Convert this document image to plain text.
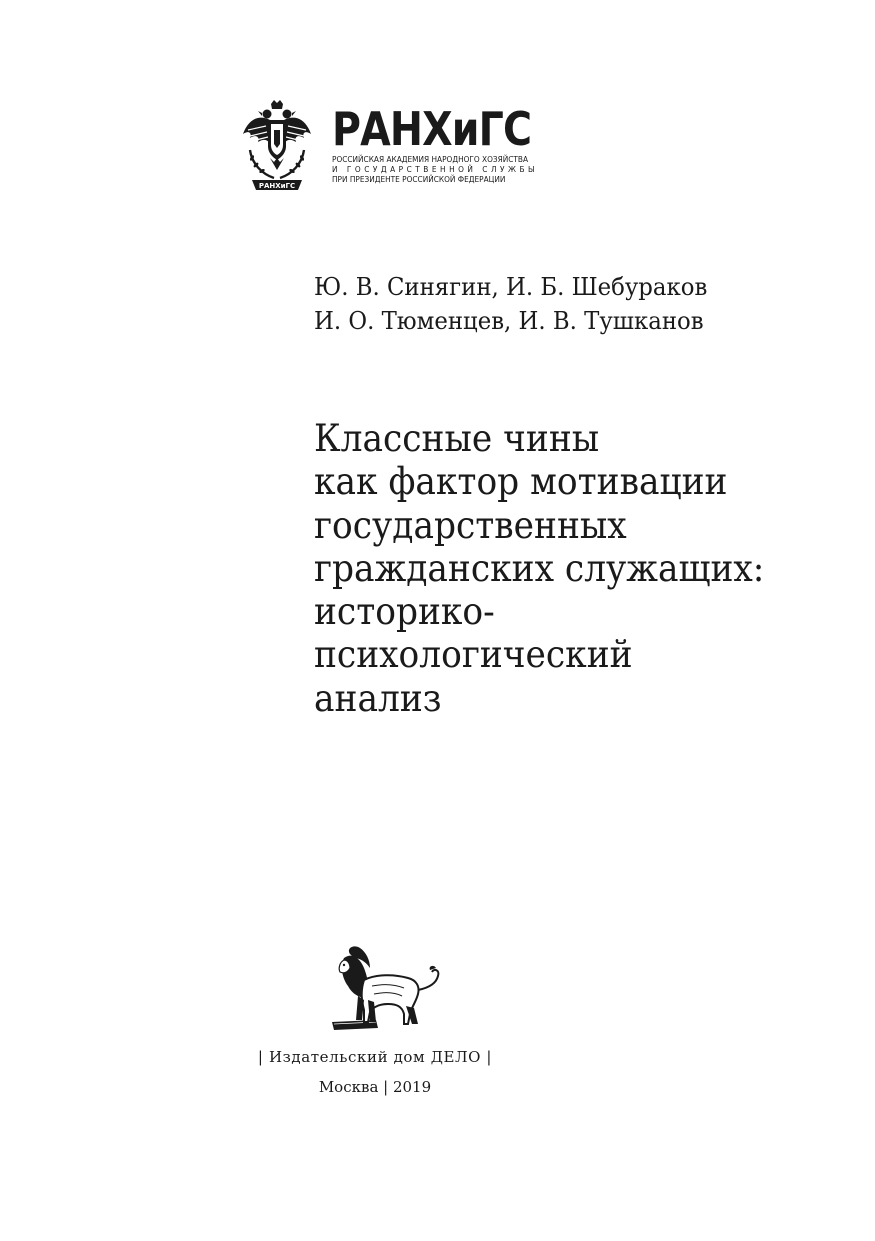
РАНХиГС
РАНХиГС
РОССИЙСКАЯ АКАДЕМИЯ НАРОДНОГО ХОЗЯЙСТВА
И ГОСУДАРСТВЕННОЙ СЛУЖБЫ
ПРИ ПРЕЗИДЕНТЕ РОССИЙСКОЙ ФЕДЕРАЦИИ
Ю. В. Синягин, И. Б. Шебураков
И. О. Тюменцев, И. В. Тушканов
Классные чины
как фактор мотивации
государственных
гражданских служащих:
историко-
психологический
анализ
| Издательский дом ДЕЛО |
Москва | 2019
